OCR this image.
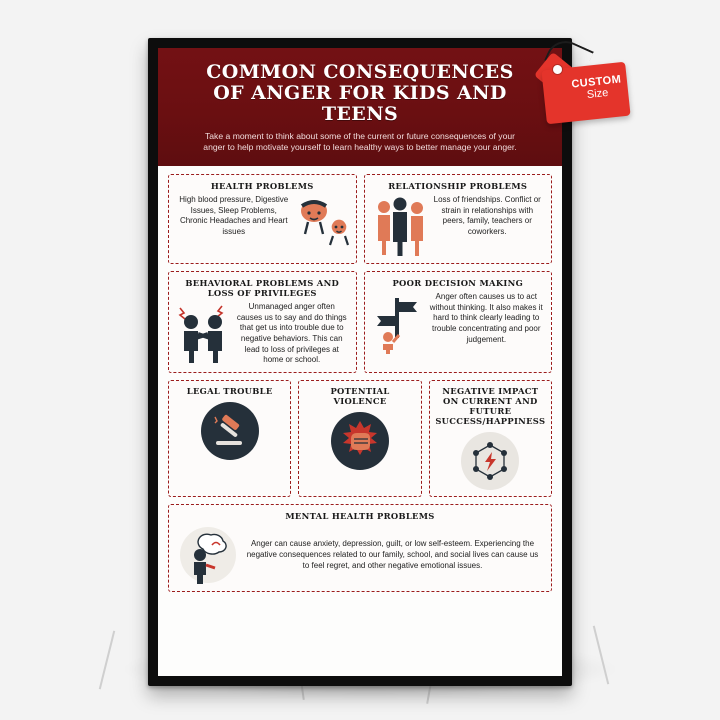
COMMON CONSEQUENCES
OF ANGER FOR KIDS AND TEENS

Take a moment to think about some of the current or future consequences of your anger to help motivate yourself to learn healthy ways to better manage your anger.

HEALTH PROBLEMS
High blood pressure, Digestive Issues, Sleep Problems, Chronic Headaches and Heart issues
RELATIONSHIP PROBLEMS
Loss of friendships. Conflict or strain in relationships with peers, family, teachers or coworkers.
BEHAVIORAL PROBLEMS AND LOSS OF PRIVILEGES
Unmanaged anger often causes us to say and do things that get us into trouble due to negative behaviors. This can lead to loss of privileges at home or school.
POOR DECISION MAKING
Anger often causes us to act without thinking. It also makes it hard to think clearly leading to trouble concentrating and poor judgement.
LEGAL TROUBLE	POTENTIAL VIOLENCE
NEGATIVE IMPACT ON CURRENT AND FUTURE SUCCESS/HAPPINESS
MENTAL HEALTH PROBLEMS
Anger can cause anxiety, depression, guilt, or low self-esteem. Experiencing the negative consequences related to our family, school, and social lives can cause us to feel regret, and other negative emotional issues.
CUSTOM
Size
